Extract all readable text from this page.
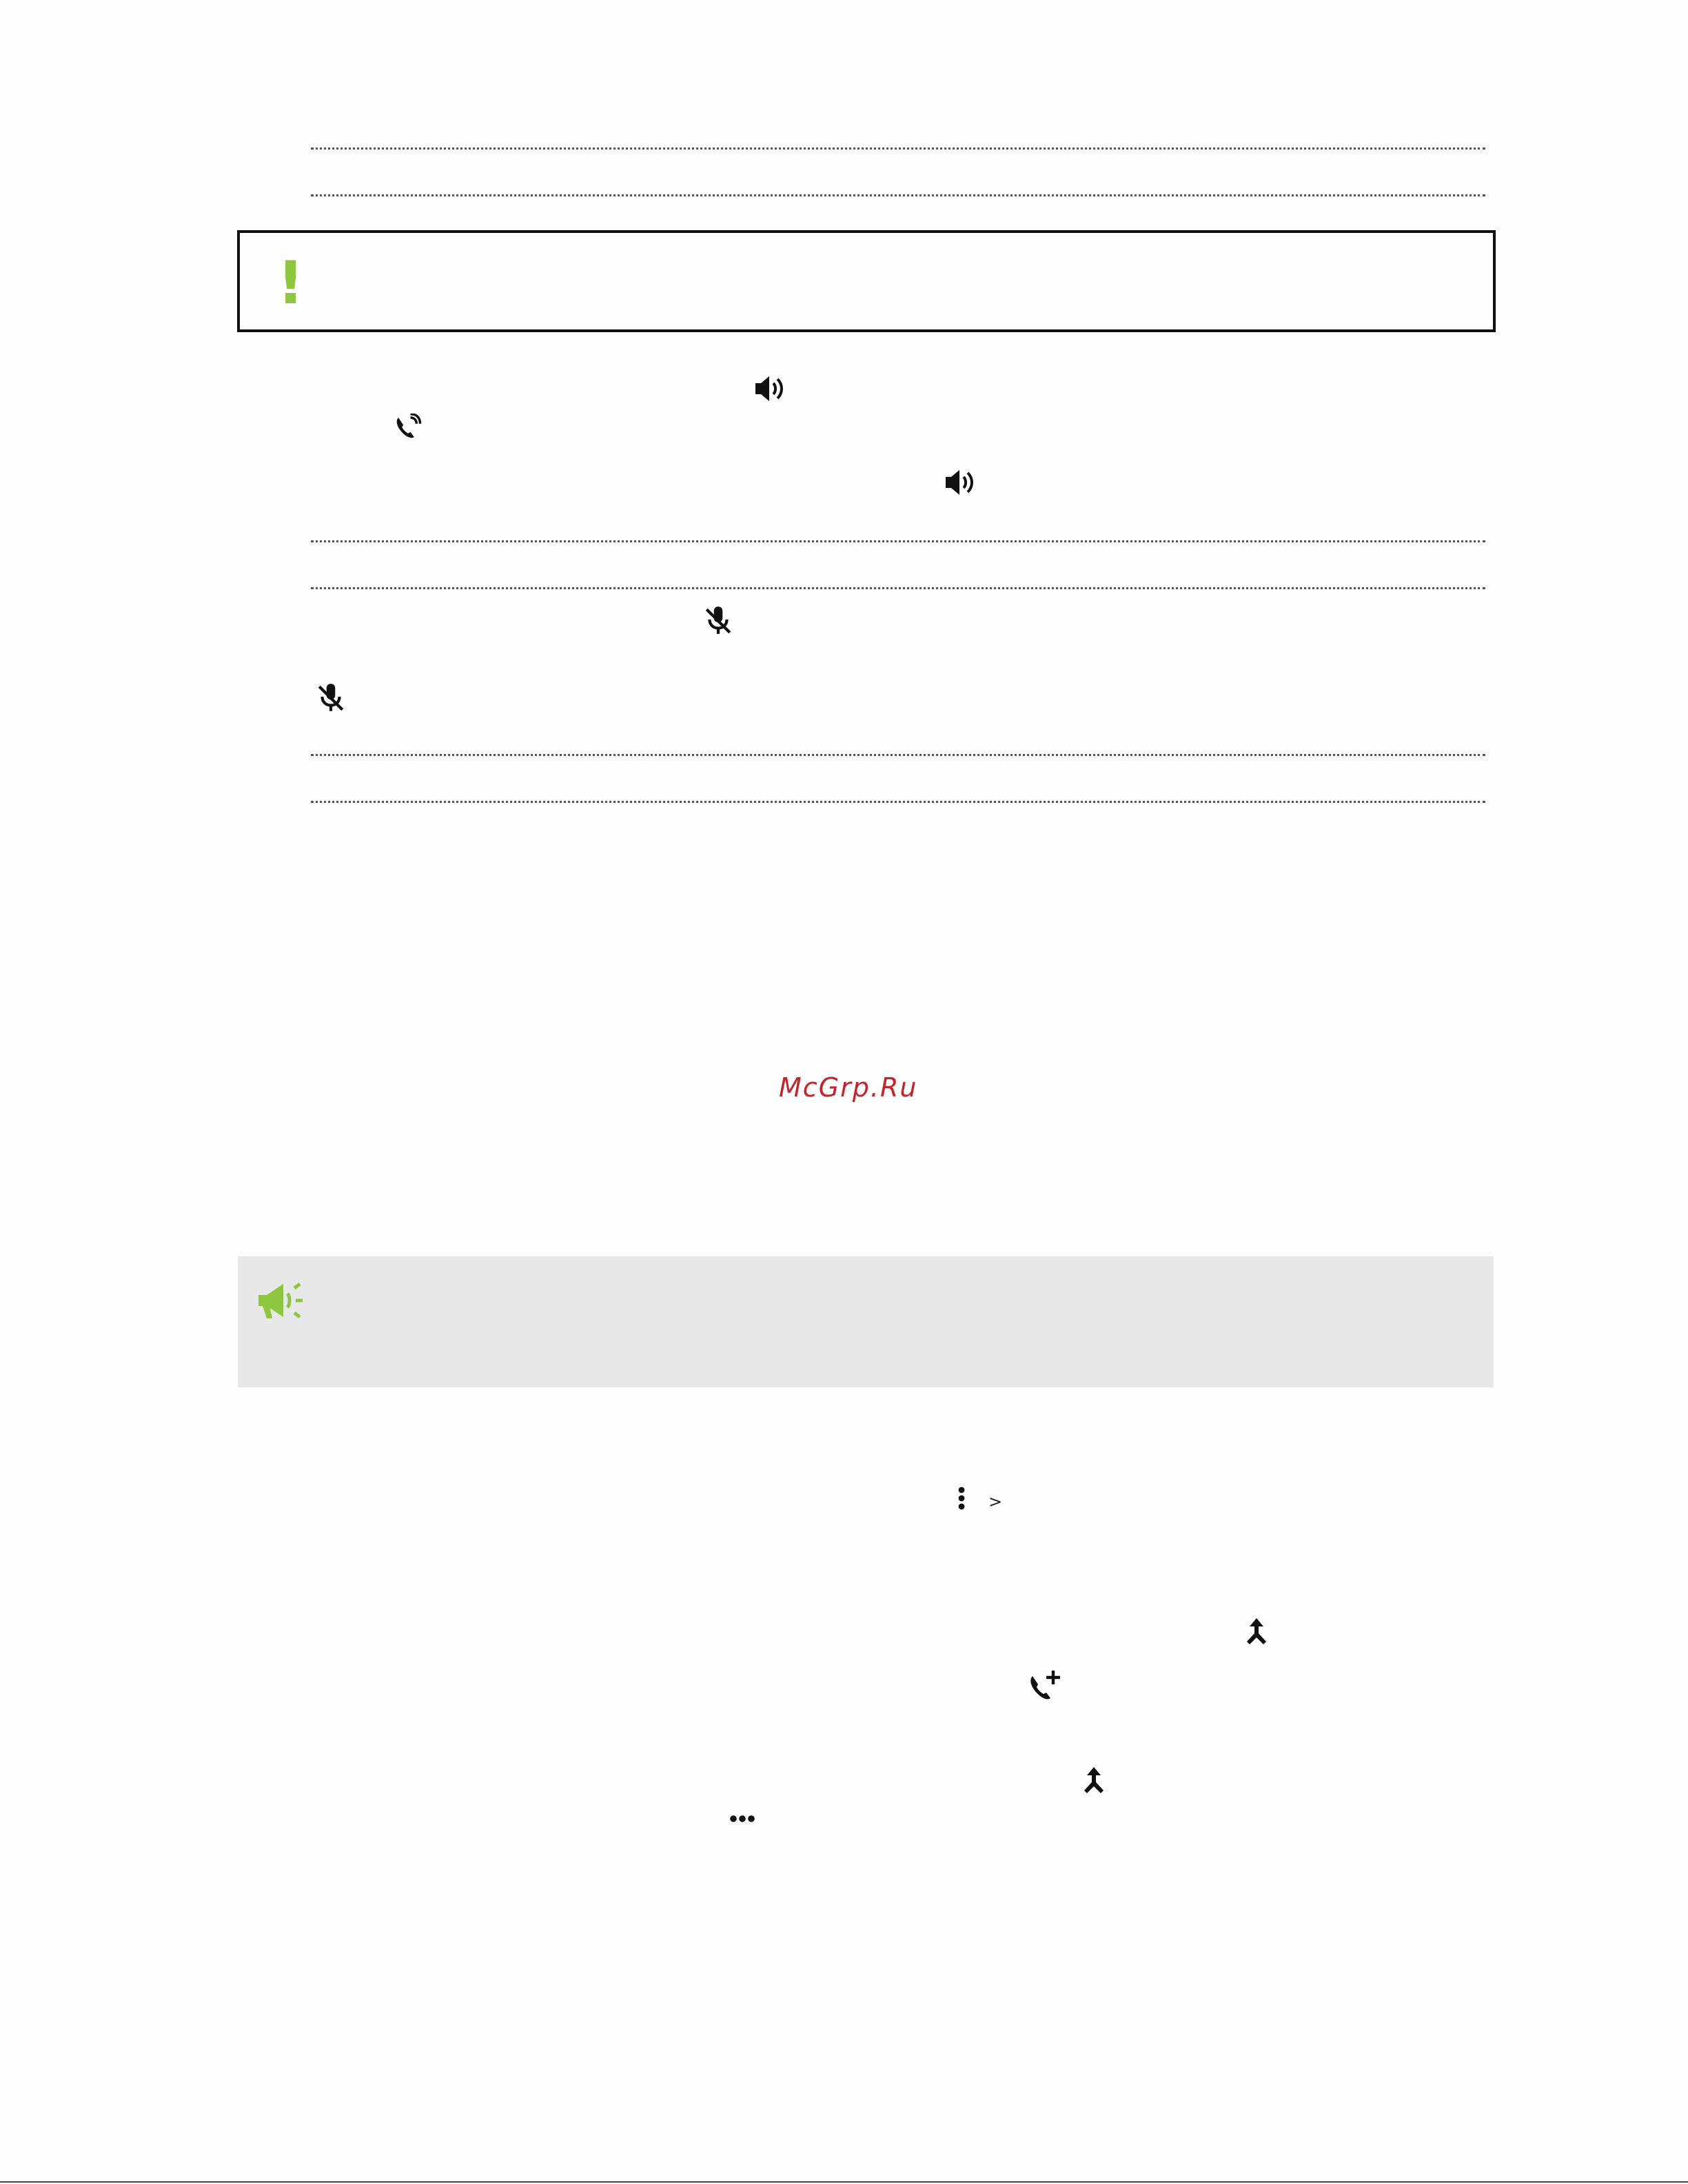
!
McGrp.Ru
>
